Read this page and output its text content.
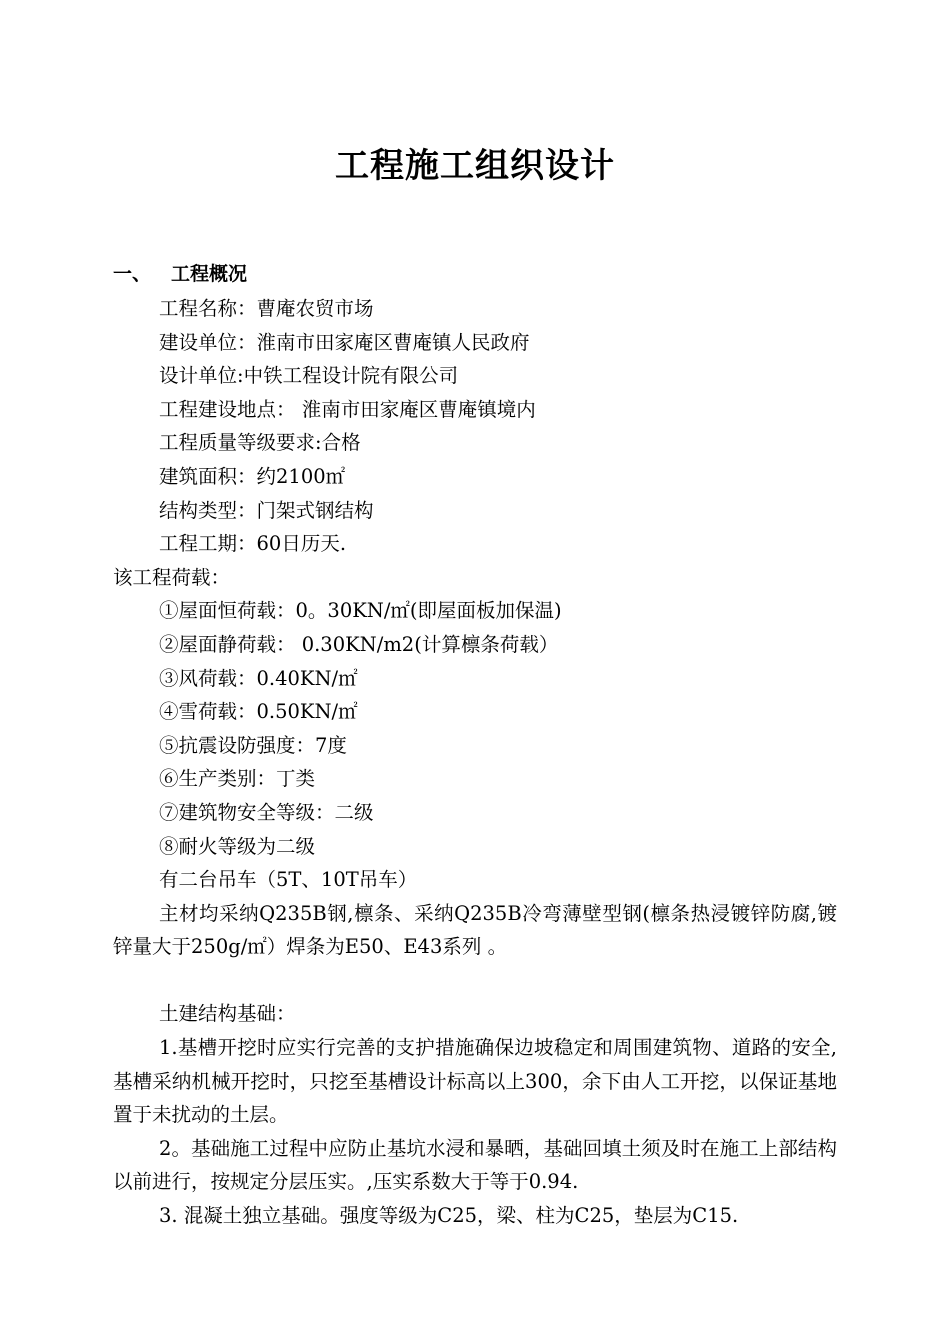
工程施工组织设计
一、 工程概况

工程名称：曹庵农贸市场

建设单位：淮南市田家庵区曹庵镇人民政府

设计单位:中铁工程设计院有限公司

工程建设地点： 淮南市田家庵区曹庵镇境内

工程质量等级要求:合格

建筑面积：约2100㎡

结构类型：门架式钢结构

工程工期：60日历天.

该工程荷载：

①屋面恒荷载：0。30KN/㎡(即屋面板加保温)

②屋面静荷载： 0.30KN/m2(计算檩条荷载）

③风荷载：0.40KN/㎡

④雪荷载：0.50KN/㎡

⑤抗震设防强度：7度

⑥生产类别：丁类

⑦建筑物安全等级：二级

⑧耐火等级为二级

有二台吊车（5T、10T吊车）

主材均采纳Q235B钢,檩条、采纳Q235B冷弯薄壁型钢(檩条热浸镀锌防腐,镀锌量大于250g/㎡）焊条为E50、E43系列 。

土建结构基础：

1.基槽开挖时应实行完善的支护措施确保边坡稳定和周围建筑物、道路的安全,基槽采纳机械开挖时，只挖至基槽设计标高以上300，余下由人工开挖，以保证基地置于未扰动的土层。

2。基础施工过程中应防止基坑水浸和暴晒，基础回填土须及时在施工上部结构以前进行，按规定分层压实。,压实系数大于等于0.94.

3. 混凝土独立基础。强度等级为C25，梁、柱为C25，垫层为C15.
